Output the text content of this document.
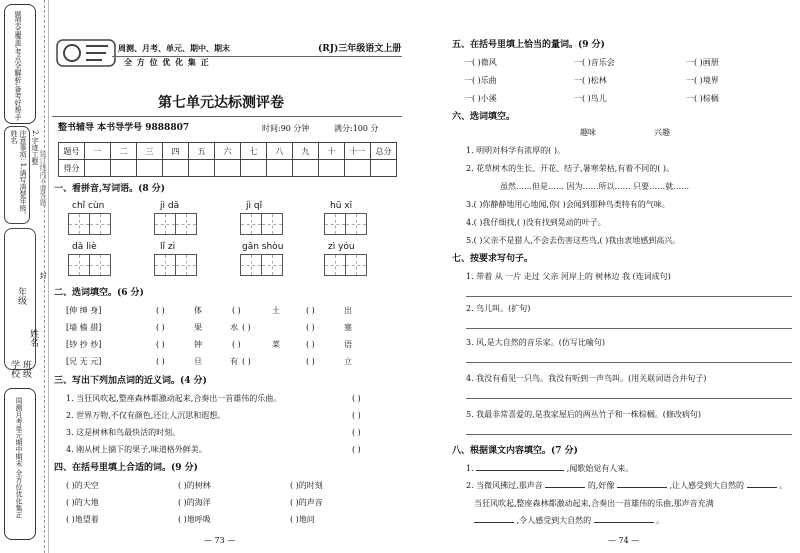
题型全覆盖,考点全解析,备考好帮手
注意事项: 1.请写清楚年级、姓名	2.字迹工整
年级
姓名
学校 班级
周测月考单元期中期末 全方位优化集正
封
装订线内不要答题
周测、月考、单元、期中、期末
全 方 位 优 化 集 正
(RJ)三年级语文上册
第七单元达标测评卷
整书辅导 本书导学号 9888807	时间:90 分钟	满分:100 分
题号	一	二	三	四	五	六	七	八	九	十	十一	总分
得分												
一、看拼音,写词语。(8 分)
chǐ cùn	jì dǎ	jì qǐ	hū xī
dǎ liè	lǐ zi	gǎn shòu	zì yóu
二、选词填空。(6 分)
[伸 绅 身]	( )	体	( )	土	( )	出
[墙 樯 措]	( )	果	水 ( )	( )	塞
[钞 抄 炒]	( )	钟	( )	菜	( )	语
[兄 无 元]	( )	旦	有 ( )	( )	立
三、写出下列加点词的近义词。(4 分)
1. 当狂风吹起,整座森林都激动起来,合奏出一首雄伟的乐曲。	( )
2. 世界万物,不仅有颜色,还让人沉思和遐想。	( )
3. 这是树林和鸟最快活的时刻。	( )
4. 刚从树上摘下的果子,味道格外鲜美。	( )
四、在括号里填上合适的词。(9 分)
( )的天空	( )的树林	( )的时刻
( )的大地	( )的海洋	( )的声音
( )地望着	( )地呼吸	( )地问
— 73 —
五、在括号里填上恰当的量词。(9 分)
一( )微风	一( )音乐会	一( )画册
一( )乐曲	一( )松林	一( )境界
一( )小溪	一( )鸟儿	一( )棕榈
六、选词填空。
趣味	兴趣
1. 明明对科学有浓厚的( )。
2. 花草树木的生长、开花、结子,暑寒荣枯,有着不同的( )。
虽然……但是…… 因为……所以…… 只要……就……
3.( )你静静地用心地闻,你( )会闻到那种鸟类特有的气味。
4.( )我仔细找,( )没有找到晃动的叶子。
5.( )父亲不是猎人,不会去伤害这些鸟,( )我由衷地感到高兴。
七、按要求写句子。
1. 带着 从 一片 走过 父亲 河岸上的 树林边 我 (连词成句)
2. 鸟儿叫。(扩句)
3. 风,是大自然的音乐家。(仿写比喻句)
4. 我没有看见一只鸟。我没有听到一声鸟叫。(用关联词语合并句子)
5. 我最非常喜爱的,是我家屋后的两丛竹子和一株棕榈。(修改病句)
八、根据课文内容填空。(7 分)
1.	,闻歌始觉有人来。
2. 当微风拂过,那声音	的,好像	,让人感受到大自然的	。
当狂风吹起,整座森林都激动起来,合奏出一首雄伟的乐曲,那声音充满
,令人感受到大自然的	。
— 74 —
